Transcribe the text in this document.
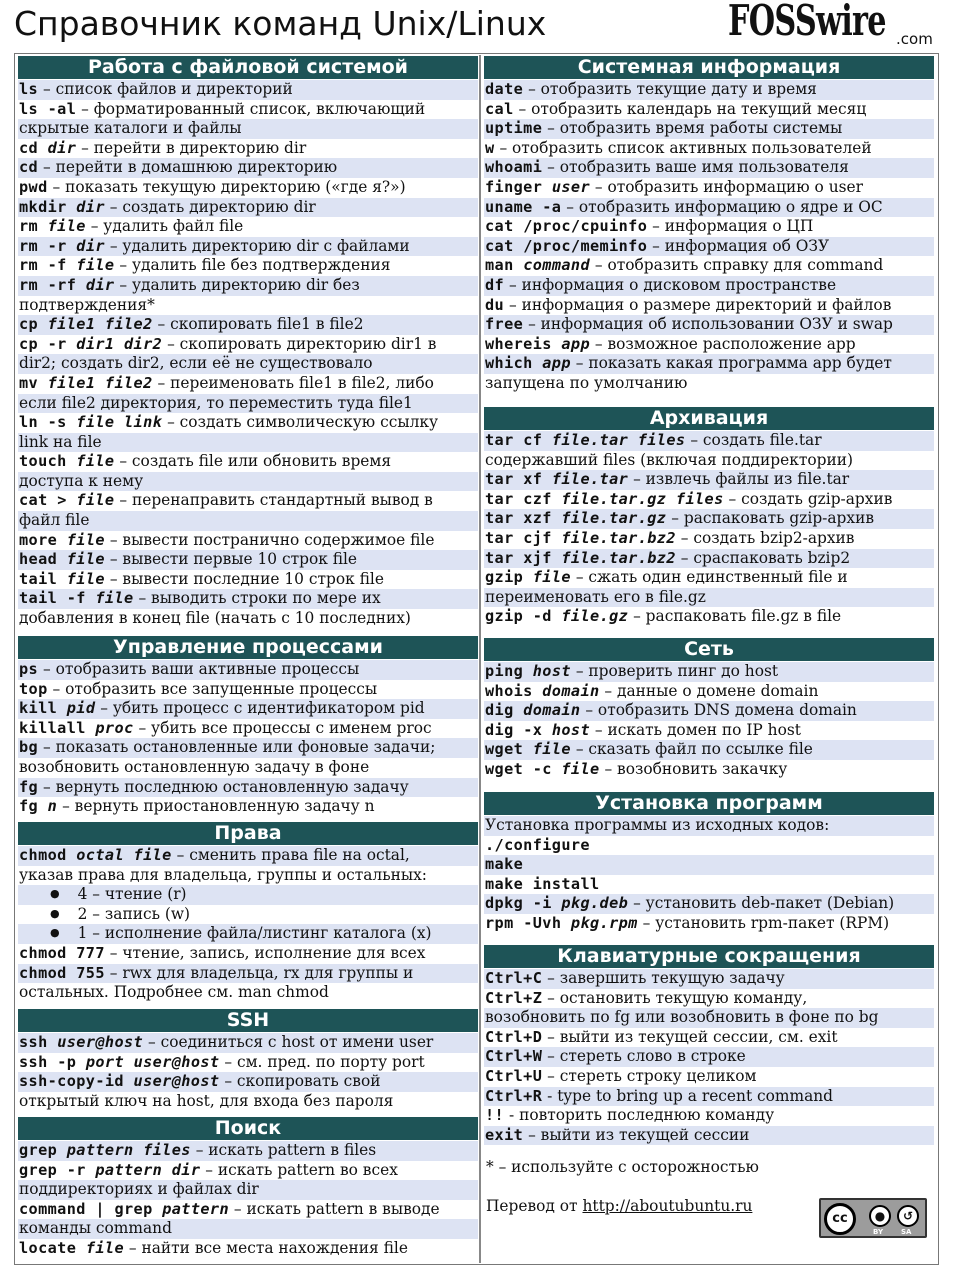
Справочник команд Unix/Linux	FOSSwire .com
Работа с файловой системой
ls – список файлов и директорий
ls -al – форматированный список, включающий
скрытые каталоги и файлы
cd dir – перейти в директорию dir
cd – перейти в домашнюю директорию
pwd – показать текущую директорию («где я?»)
mkdir dir – создать директорию dir
rm file – удалить файл file
rm -r dir – удалить директорию dir с файлами
rm -f file – удалить file без подтверждения
rm -rf dir – удалить директорию dir без
подтверждения*
cp file1 file2 – скопировать file1 в file2
cp -r dir1 dir2 – скопировать директорию dir1 в
dir2; создать dir2, если её не существовало
mv file1 file2 – переименовать file1 в file2, либо
если file2 директория, то переместить туда file1
ln -s file link – создать символическую ссылку
link на file
touch file – создать file или обновить время
доступа к нему
cat > file – перенаправить стандартный вывод в
файл file
more file – вывести постранично содержимое file
head file – вывести первые 10 строк file
tail file – вывести последние 10 строк file
tail -f file – выводить строки по мере их
добавления в конец file (начать с 10 последних)
Управление процессами
ps – отобразить ваши активные процессы
top – отобразить все запущенные процессы
kill pid – убить процесс с идентификатором pid
killall proc – убить все процессы с именем proc
bg – показать остановленные или фоновые задачи;
возобновить остановленную задачу в фоне
fg – вернуть последнюю остановленную задачу
fg n – вернуть приостановленную задачу n
Права
chmod octal file – сменить права file на octal,
указав права для владельца, группы и остальных:
● 4 – чтение (r)
● 2 – запись (w)
● 1 – исполнение файла/листинг каталога (x)
chmod 777 – чтение, запись, исполнение для всех
chmod 755 – rwx для владельца, rx для группы и
остальных. Подробнее см. man chmod
SSH
ssh user@host – соединиться с host от имени user
ssh -p port user@host – см. пред. по порту port
ssh-copy-id user@host – скопировать свой
открытый ключ на host, для входа без пароля
Поиск
grep pattern files – искать pattern в files
grep -r pattern dir – искать pattern во всех
поддиректориях и файлах dir
command | grep pattern – искать pattern в выводе
команды command
locate file – найти все места нахождения file
Системная информация
date – отобразить текущие дату и время
cal – отобразить календарь на текущий месяц
uptime – отобразить время работы системы
w – отобразить список активных пользователей
whoami – отобразить ваше имя пользователя
finger user – отобразить информацию о user
uname -a – отобразить информацию о ядре и ОС
cat /proc/cpuinfo – информация о ЦП
cat /proc/meminfo – информация об ОЗУ
man command – отобразить справку для command
df – информация о дисковом пространстве
du – информация о размере директорий и файлов
free – информация об использовании ОЗУ и swap
whereis app – возможное расположение app
which app – показать какая программа app будет
запущена по умолчанию
Архивация
tar cf file.tar files – создать file.tar
содержавший files (включая поддиректории)
tar xf file.tar – извлечь файлы из file.tar
tar czf file.tar.gz files – создать gzip-архив
tar xzf file.tar.gz – распаковать gzip-архив
tar cjf file.tar.bz2 – создать bzip2-архив
tar xjf file.tar.bz2 – сраспаковать bzip2
gzip file – сжать один единственный file и
переименовать его в file.gz
gzip -d file.gz – распаковать file.gz в file
Сеть
ping host – проверить пинг до host
whois domain – данные о домене domain
dig domain – отобразить DNS домена domain
dig -x host – искать домен по IP host
wget file – сказать файл по ссылке file
wget -c file – возобновить закачку
Установка программ
Установка программы из исходных кодов:
./configure
make
make install
dpkg -i pkg.deb – установить deb-пакет (Debian)
rpm -Uvh pkg.rpm – установить rpm-пакет (RPM)
Клавиатурные сокращения
Ctrl+C – завершить текущую задачу
Ctrl+Z – остановить текущую команду,
возобновить по fg или возобновить в фоне по bg
Ctrl+D – выйти из текущей сессии, см. exit
Ctrl+W – стереть слово в строке
Ctrl+U – стереть строку целиком
Ctrl+R - type to bring up a recent command
!! - повторить последнюю команду
exit – выйти из текущей сессии
* – используйте с осторожностью
Перевод от http://aboutubuntu.ru
cc	●	↺
BY	SA
